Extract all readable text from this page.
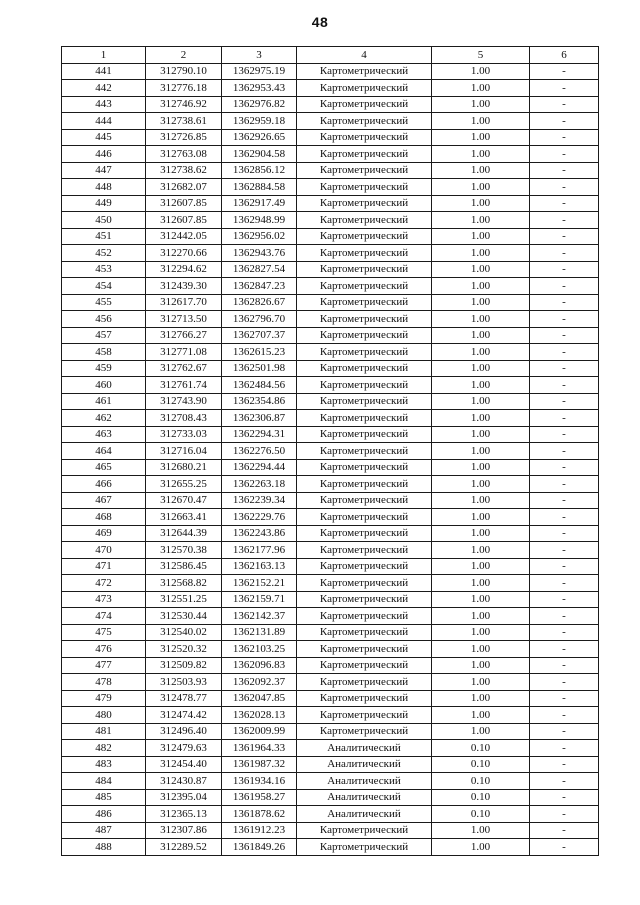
48
1	2	3	4	5	6
441	312790.10	1362975.19	Картометрический	1.00	-
442	312776.18	1362953.43	Картометрический	1.00	-
443	312746.92	1362976.82	Картометрический	1.00	-
444	312738.61	1362959.18	Картометрический	1.00	-
445	312726.85	1362926.65	Картометрический	1.00	-
446	312763.08	1362904.58	Картометрический	1.00	-
447	312738.62	1362856.12	Картометрический	1.00	-
448	312682.07	1362884.58	Картометрический	1.00	-
449	312607.85	1362917.49	Картометрический	1.00	-
450	312607.85	1362948.99	Картометрический	1.00	-
451	312442.05	1362956.02	Картометрический	1.00	-
452	312270.66	1362943.76	Картометрический	1.00	-
453	312294.62	1362827.54	Картометрический	1.00	-
454	312439.30	1362847.23	Картометрический	1.00	-
455	312617.70	1362826.67	Картометрический	1.00	-
456	312713.50	1362796.70	Картометрический	1.00	-
457	312766.27	1362707.37	Картометрический	1.00	-
458	312771.08	1362615.23	Картометрический	1.00	-
459	312762.67	1362501.98	Картометрический	1.00	-
460	312761.74	1362484.56	Картометрический	1.00	-
461	312743.90	1362354.86	Картометрический	1.00	-
462	312708.43	1362306.87	Картометрический	1.00	-
463	312733.03	1362294.31	Картометрический	1.00	-
464	312716.04	1362276.50	Картометрический	1.00	-
465	312680.21	1362294.44	Картометрический	1.00	-
466	312655.25	1362263.18	Картометрический	1.00	-
467	312670.47	1362239.34	Картометрический	1.00	-
468	312663.41	1362229.76	Картометрический	1.00	-
469	312644.39	1362243.86	Картометрический	1.00	-
470	312570.38	1362177.96	Картометрический	1.00	-
471	312586.45	1362163.13	Картометрический	1.00	-
472	312568.82	1362152.21	Картометрический	1.00	-
473	312551.25	1362159.71	Картометрический	1.00	-
474	312530.44	1362142.37	Картометрический	1.00	-
475	312540.02	1362131.89	Картометрический	1.00	-
476	312520.32	1362103.25	Картометрический	1.00	-
477	312509.82	1362096.83	Картометрический	1.00	-
478	312503.93	1362092.37	Картометрический	1.00	-
479	312478.77	1362047.85	Картометрический	1.00	-
480	312474.42	1362028.13	Картометрический	1.00	-
481	312496.40	1362009.99	Картометрический	1.00	-
482	312479.63	1361964.33	Аналитический	0.10	-
483	312454.40	1361987.32	Аналитический	0.10	-
484	312430.87	1361934.16	Аналитический	0.10	-
485	312395.04	1361958.27	Аналитический	0.10	-
486	312365.13	1361878.62	Аналитический	0.10	-
487	312307.86	1361912.23	Картометрический	1.00	-
488	312289.52	1361849.26	Картометрический	1.00	-
